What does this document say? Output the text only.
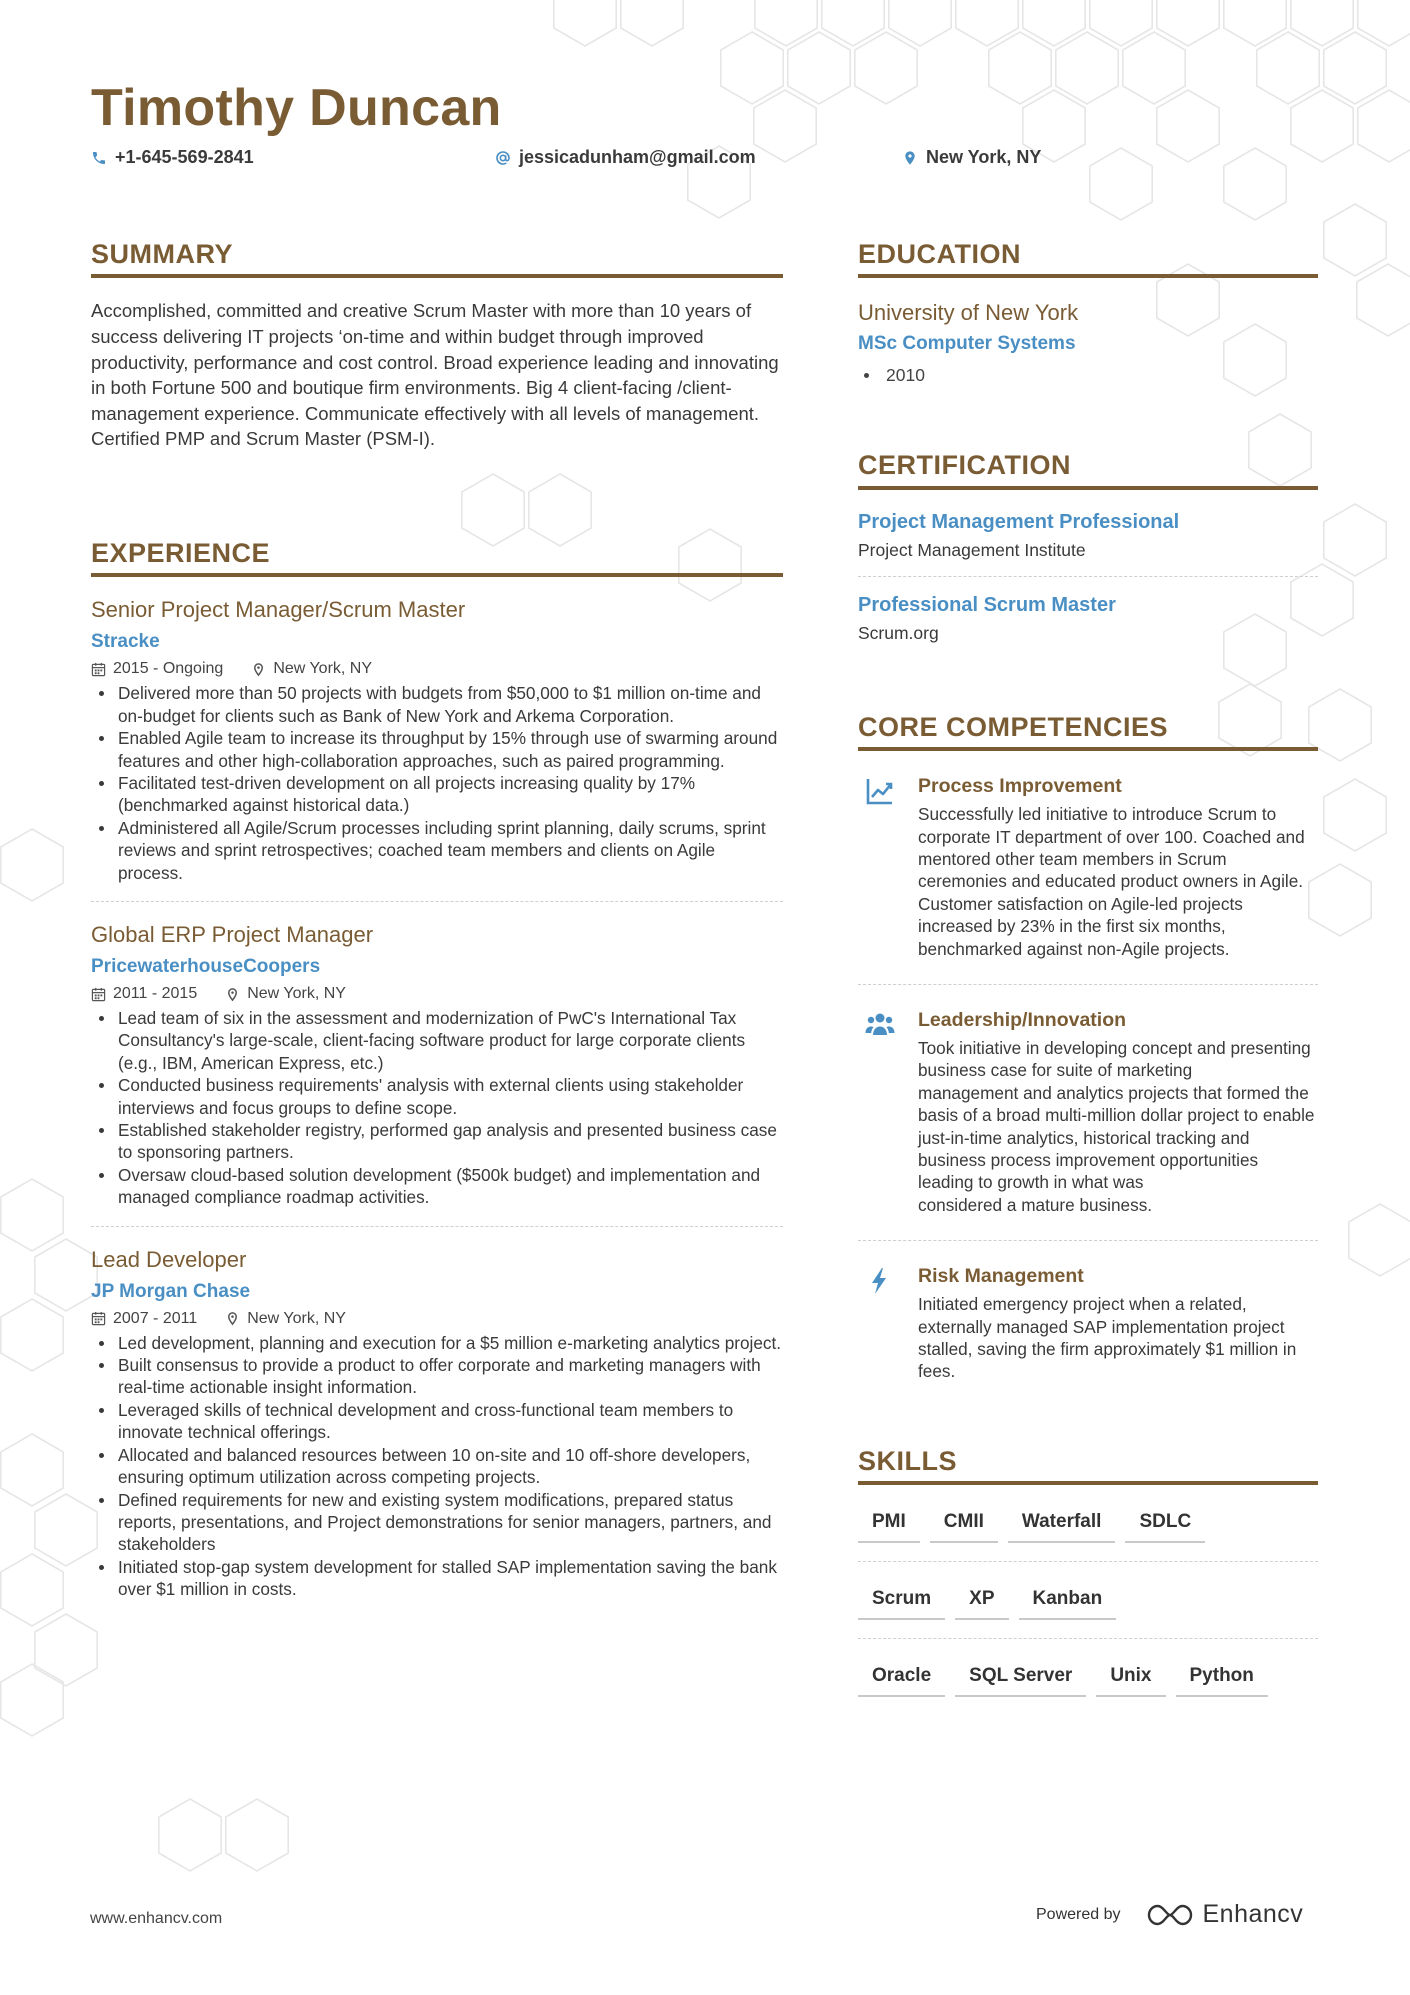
Timothy Duncan
+1-645-569-2841	jessicadunham@gmail.com	New York, NY
SUMMARY

Accomplished, committed and creative Scrum Master with more than 10 years of success delivering IT projects ‘on-time and within budget through improved productivity, performance and cost control. Broad experience leading and innovating in both Fortune 500 and boutique firm environments. Big 4 client-facing /client-management experience. Communicate effectively with all levels of management. Certified PMP and Scrum Master (PSM-I).

EXPERIENCE
Senior Project Manager/Scrum Master
Stracke
2015 - Ongoing	New York, NY
Delivered more than 50 projects with budgets from $50,000 to $1 million on-time and on-budget for clients such as Bank of New York and Arkema Corporation.
Enabled Agile team to increase its throughput by 15% through use of swarming around features and other high-collaboration approaches, such as paired programming.
Facilitated test-driven development on all projects increasing quality by 17% (benchmarked against historical data.)
Administered all Agile/Scrum processes including sprint planning, daily scrums, sprint reviews and sprint retrospectives; coached team members and clients on Agile process.
Global ERP Project Manager
PricewaterhouseCoopers
2011 - 2015	New York, NY
Lead team of six in the assessment and modernization of PwC's International Tax Consultancy's large-scale, client-facing software product for large corporate clients (e.g., IBM, American Express, etc.)
Conducted business requirements' analysis with external clients using stakeholder interviews and focus groups to define scope.
Established stakeholder registry, performed gap analysis and presented business case to sponsoring partners.
Oversaw cloud-based solution development ($500k budget) and implementation and managed compliance roadmap activities.
Lead Developer
JP Morgan Chase
2007 - 2011	New York, NY
Led development, planning and execution for a $5 million e-marketing analytics project.
Built consensus to provide a product to offer corporate and marketing managers with real-time actionable insight information.
Leveraged skills of technical development and cross-functional team members to innovate technical offerings.
Allocated and balanced resources between 10 on-site and 10 off-shore developers, ensuring optimum utilization across competing projects.
Defined requirements for new and existing system modifications, prepared status reports, presentations, and Project demonstrations for senior managers, partners, and stakeholders
Initiated stop-gap system development for stalled SAP implementation saving the bank over $1 million in costs.
EDUCATION
University of New York
MSc Computer Systems
2010
CERTIFICATION
Project Management Professional
Project Management Institute
Professional Scrum Master
Scrum.org
CORE COMPETENCIES
Process Improvement
Successfully led initiative to introduce Scrum to corporate IT department of over 100. Coached and mentored other team members in Scrum ceremonies and educated product owners in Agile. Customer satisfaction on Agile-led projects increased by 23% in the first six months, benchmarked against non-Agile projects.
Leadership/Innovation
Took initiative in developing concept and presenting business case for suite of marketing
management and analytics projects that formed the basis of a broad multi-million dollar project to enable just-in-time analytics, historical tracking and business process improvement opportunities leading to growth in what was
considered a mature business.
Risk Management
Initiated emergency project when a related, externally managed SAP implementation project
stalled, saving the firm approximately $1 million in fees.
SKILLS
PMI	CMII	Waterfall	SDLC
Scrum	XP	Kanban
Oracle	SQL Server	Unix	Python
www.enhancv.com	Powered by	Enhancv
